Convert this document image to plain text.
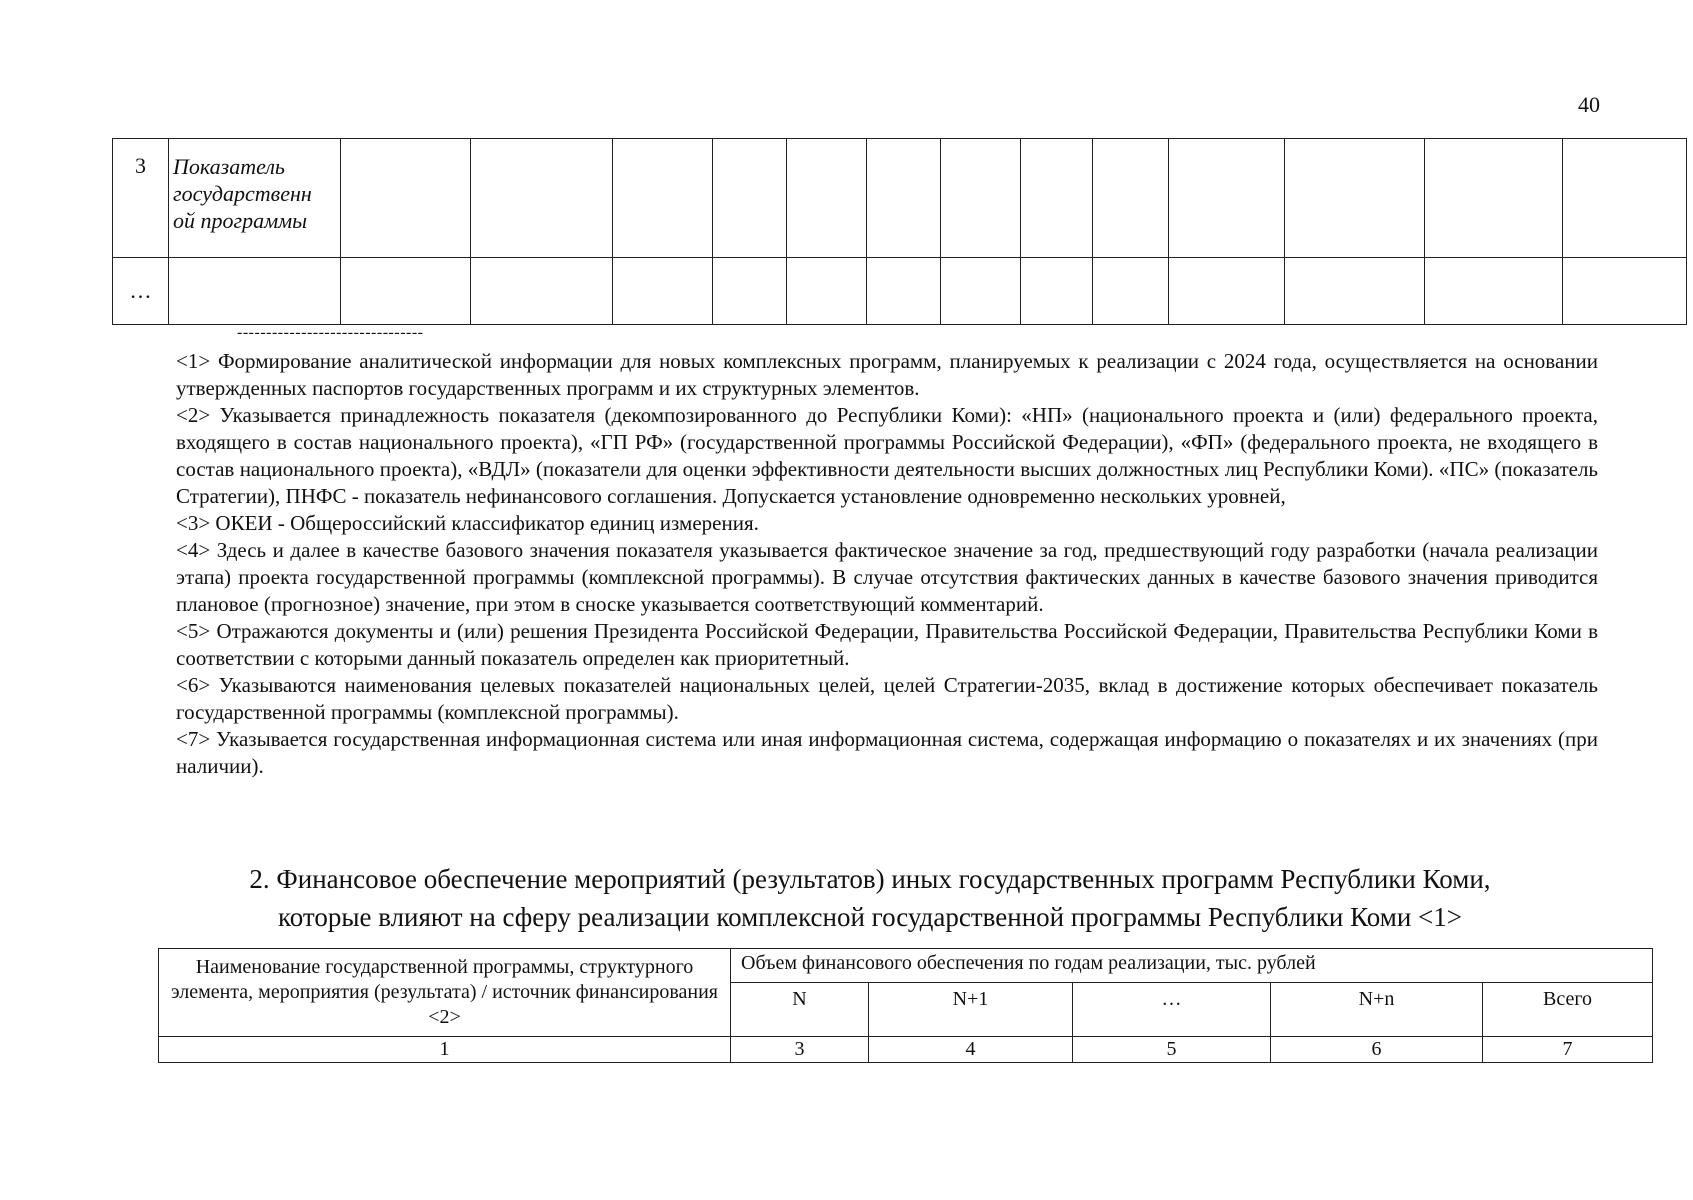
40
3	Показатель государственн ой программы													
…														
--------------------------------

<1> Формирование аналитической информации для новых комплексных программ, планируемых к реализации с 2024 года, осуществляется на основании утвержденных паспортов государственных программ и их структурных элементов.

<2> Указывается принадлежность показателя (декомпозированного до Республики Коми): «НП» (национального проекта и (или) федерального проекта, входящего в состав национального проекта), «ГП РФ» (государственной программы Российской Федерации), «ФП» (федерального проекта, не входящего в состав национального проекта), «ВДЛ» (показатели для оценки эффективности деятельности высших должностных лиц Республики Коми). «ПС» (показатель Стратегии), ПНФС - показатель нефинансового соглашения. Допускается установление одновременно нескольких уровней,

<3> ОКЕИ - Общероссийский классификатор единиц измерения.

<4> Здесь и далее в качестве базового значения показателя указывается фактическое значение за год, предшествующий году разработки (начала реализации этапа) проекта государственной программы (комплексной программы). В случае отсутствия фактических данных в качестве базового значения приводится плановое (прогнозное) значение, при этом в сноске указывается соответствующий комментарий.

<5> Отражаются документы и (или) решения Президента Российской Федерации, Правительства Российской Федерации, Правительства Республики Коми в соответствии с которыми данный показатель определен как приоритетный.

<6> Указываются наименования целевых показателей национальных целей, целей Стратегии-2035, вклад в достижение которых обеспечивает показатель государственной программы (комплексной программы).

<7> Указывается государственная информационная система или иная информационная система, содержащая информацию о показателях и их значениях (при наличии).

2. Финансовое обеспечение мероприятий (результатов) иных государственных программ Республики Коми, которые влияют на сферу реализации комплексной государственной программы Республики Коми <1>
Наименование государственной программы, структурного элемента, мероприятия (результата) / источник финансирования <2>	Объем финансового обеспечения по годам реализации, тыс. рублей				
	N	N+1	…	N+n	Всего
1	3	4	5	6	7
